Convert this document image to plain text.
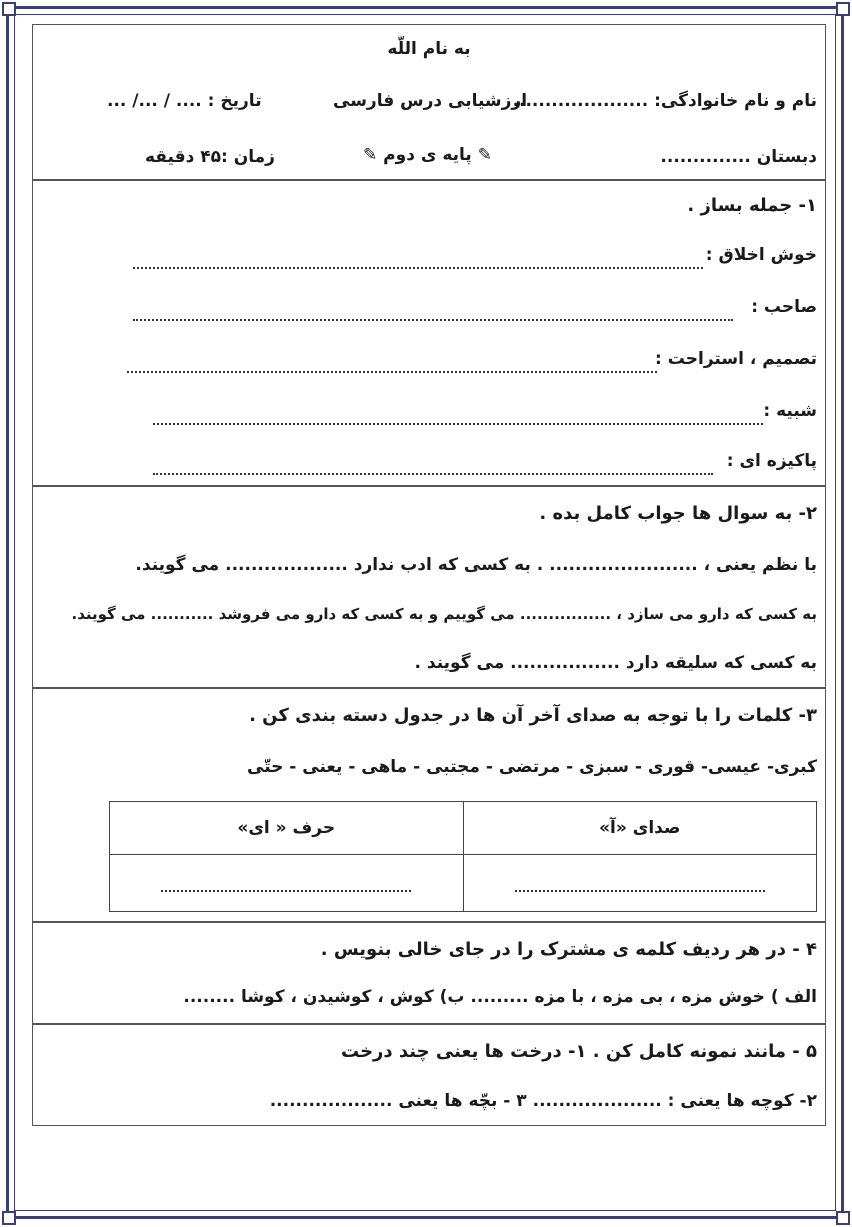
به نام اللّه
نام و نام خانوادگی: .....................
ارزشیابی درس فارسی
تاریخ : .... / .../ ...
دبستان ..............
✎ پایه ی دوم ✎
زمان :۴۵ دقیقه
۱- جمله بساز .
خوش اخلاق :
صاحب :
تصمیم ، استراحت :
شبیه :
پاکیزه ای :
۲- به سوال ها جواب کامل بده .
با نظم یعنی ، ....................... . به کسی که ادب ندارد ................... می گویند.
به کسی که دارو می سازد ، ................ می گوییم و به کسی که دارو می فروشد ........... می گویند.
به کسی که سلیقه دارد ................. می گویند .
۳- کلمات را با توجه به صدای آخر آن ها در جدول دسته بندی کن .
کبری- عیسی- قوری - سبزی - مرتضی - مجتبی - ماهی - یعنی - حتّی
صدای «آ»	حرف « ای»

۴ - در هر ردیف کلمه ی مشترک را در جای خالی بنویس .
الف ) خوش مزه ، بی مزه ، با مزه ......... ب) کوش ، کوشیدن ، کوشا ........
۵ - مانند نمونه کامل کن . ۱- درخت ها یعنی چند درخت
۲- کوچه ها یعنی : .................... ۳ - بچّه ها یعنی ...................
